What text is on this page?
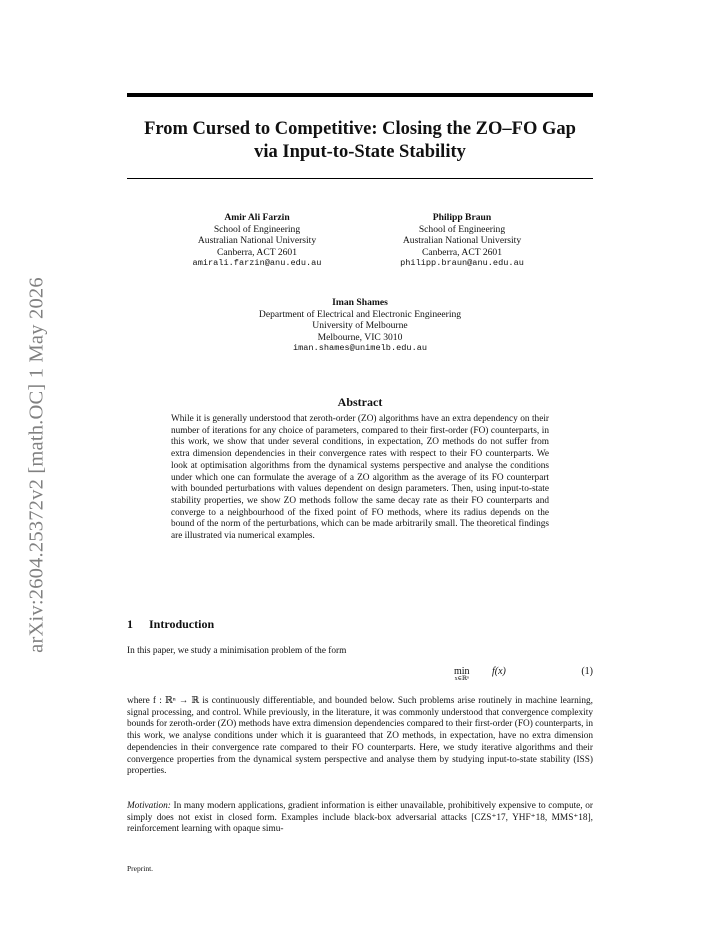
arXiv:2604.25372v2 [math.OC] 1 May 2026
From Cursed to Competitive: Closing the ZO–FO Gap
via Input-to-State Stability
Amir Ali Farzin
School of Engineering
Australian National University
Canberra, ACT 2601
amirali.farzin@anu.edu.au
Philipp Braun
School of Engineering
Australian National University
Canberra, ACT 2601
philipp.braun@anu.edu.au
Iman Shames
Department of Electrical and Electronic Engineering
University of Melbourne
Melbourne, VIC 3010
iman.shames@unimelb.edu.au
Abstract
While it is generally understood that zeroth-order (ZO) algorithms have an extra dependency on their number of iterations for any choice of parameters, compared to their first-order (FO) counterparts, in this work, we show that under several conditions, in expectation, ZO methods do not suffer from extra dimension dependencies in their convergence rates with respect to their FO counterparts. We look at optimisation algorithms from the dynamical systems perspective and analyse the conditions under which one can formulate the average of a ZO algorithm as the average of its FO counterpart with bounded perturbations with values dependent on design parameters. Then, using input-to-state stability properties, we show ZO methods follow the same decay rate as their FO counterparts and converge to a neighbourhood of the fixed point of FO methods, where its radius depends on the bound of the norm of the perturbations, which can be made arbitrarily small. The theoretical findings are illustrated via numerical examples.
1 Introduction
In this paper, we study a minimisation problem of the form
min
x∈ℝⁿ
f(x)	(1)
where f : ℝⁿ → ℝ is continuously differentiable, and bounded below. Such problems arise routinely in machine learning, signal processing, and control. While previously, in the literature, it was commonly understood that convergence complexity bounds for zeroth-order (ZO) methods have extra dimension dependencies compared to their first-order (FO) counterparts, in this work, we analyse conditions under which it is guaranteed that ZO methods, in expectation, have no extra dimension dependencies in their convergence rate compared to their FO counterparts. Here, we study iterative algorithms and their convergence properties from the dynamical system perspective and analyse them by studying input-to-state stability (ISS) properties.
Motivation: In many modern applications, gradient information is either unavailable, prohibitively expensive to compute, or simply does not exist in closed form. Examples include black-box adversarial attacks [CZS⁺17, YHF⁺18, MMS⁺18], reinforcement learning with opaque simu-
Preprint.
